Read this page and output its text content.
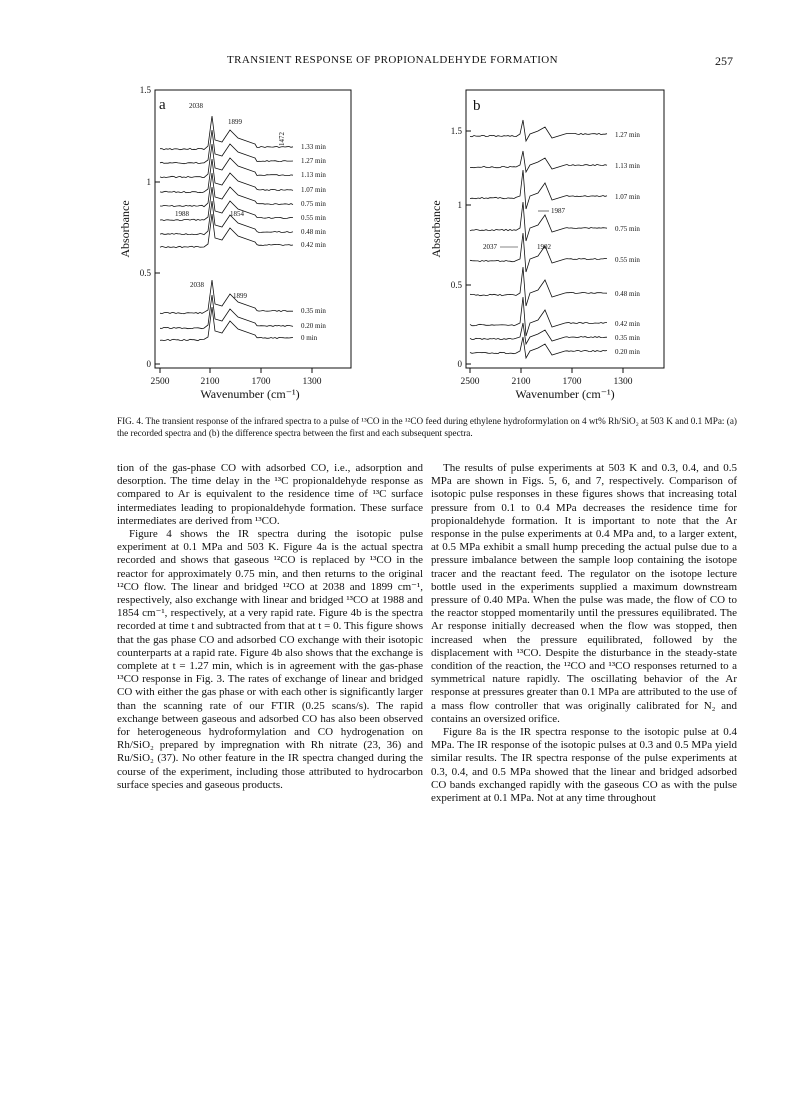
TRANSIENT RESPONSE OF PROPIONALDEHYDE FORMATION	257
a
1.5
1
0.5
0
Absorbance
2500	2100	1700	1300
Wavenumber (cm⁻¹)
1.33 min
1.27 min
1.13 min
1.07 min
0.75 min
0.55 min
0.48 min
0.42 min
0.35 min
0.20 min
0 min
2038
1899
1472
1988	1854
2038
1899
b
1.5
1
0.5
0
Absorbance
2500	2100	1700	1300
Wavenumber (cm⁻¹)
1.27 min
1.13 min
1.07 min
0.75 min
0.55 min
0.48 min
0.42 min
0.35 min
0.20 min
1987
2037	1902
FIG. 4. The transient response of the infrared spectra to a pulse of ¹³CO in the ¹²CO feed during ethylene hydroformylation on 4 wt% Rh/SiO₂ at 503 K and 0.1 MPa: (a) the recorded spectra and (b) the difference spectra between the first and each subsequent spectra.

tion of the gas-phase CO with adsorbed CO, i.e., adsorption and desorption. The time delay in the ¹³C propionaldehyde response as compared to Ar is equivalent to the residence time of ¹³C surface intermediates leading to propionaldehyde formation. These surface intermediates are derived from ¹³CO.

Figure 4 shows the IR spectra during the isotopic pulse experiment at 0.1 MPa and 503 K. Figure 4a is the actual spectra recorded and shows that gaseous ¹²CO is replaced by ¹³CO in the reactor for approximately 0.75 min, and then returns to the original ¹²CO flow. The linear and bridged ¹²CO at 2038 and 1899 cm⁻¹, respectively, also exchange with linear and bridged ¹³CO at 1988 and 1854 cm⁻¹, respectively, at a very rapid rate. Figure 4b is the spectra recorded at time t and subtracted from that at t = 0. This figure shows that the gas phase CO and adsorbed CO exchange with their isotopic counterparts at a rapid rate. Figure 4b also shows that the exchange is complete at t = 1.27 min, which is in agreement with the gas-phase ¹³CO response in Fig. 3. The rates of exchange of linear and bridged CO with either the gas phase or with each other is significantly larger than the scanning rate of our FTIR (0.25 scans/s). The rapid exchange between gaseous and adsorbed CO has also been observed for heterogeneous hydroformylation and CO hydrogenation on Rh/SiO₂ prepared by impregnation with Rh nitrate (23, 36) and Ru/SiO₂ (37). No other feature in the IR spectra changed during the course of the experiment, including those attributed to hydrocarbon surface species and gaseous products.

The results of pulse experiments at 503 K and 0.3, 0.4, and 0.5 MPa are shown in Figs. 5, 6, and 7, respectively. Comparison of isotopic pulse responses in these figures shows that increasing total pressure from 0.1 to 0.4 MPa decreases the residence time for propionaldehyde formation. It is important to note that the Ar response in the pulse experiments at 0.4 MPa and, to a larger extent, at 0.5 MPa exhibit a small hump preceding the actual pulse due to a pressure imbalance between the sample loop containing the isotope tracer and the reactant feed. The regulator on the isotope lecture bottle used in the experiments supplied a maximum downstream pressure of 0.40 MPa. When the pulse was made, the flow of CO to the reactor stopped momentarily until the pressures equilibrated. The Ar response initially decreased when the flow was stopped, then increased when the pressure equilibrated, followed by the displacement with ¹³CO. Despite the disturbance in the steady-state condition of the reaction, the ¹²CO and ¹³CO responses returned to a symmetrical nature rapidly. The oscillating behavior of the Ar response at pressures greater than 0.1 MPa are attributed to the use of a mass flow controller that was originally calibrated for N₂ and contains an oversized orifice.

Figure 8a is the IR spectra response to the isotopic pulse at 0.4 MPa. The IR response of the isotopic pulses at 0.3 and 0.5 MPa yield similar results. The IR spectra response of the pulse experiments at 0.3, 0.4, and 0.5 MPa showed that the linear and bridged adsorbed CO bands exchanged rapidly with the gaseous CO as with the pulse experiment at 0.1 MPa. Not at any time throughout
